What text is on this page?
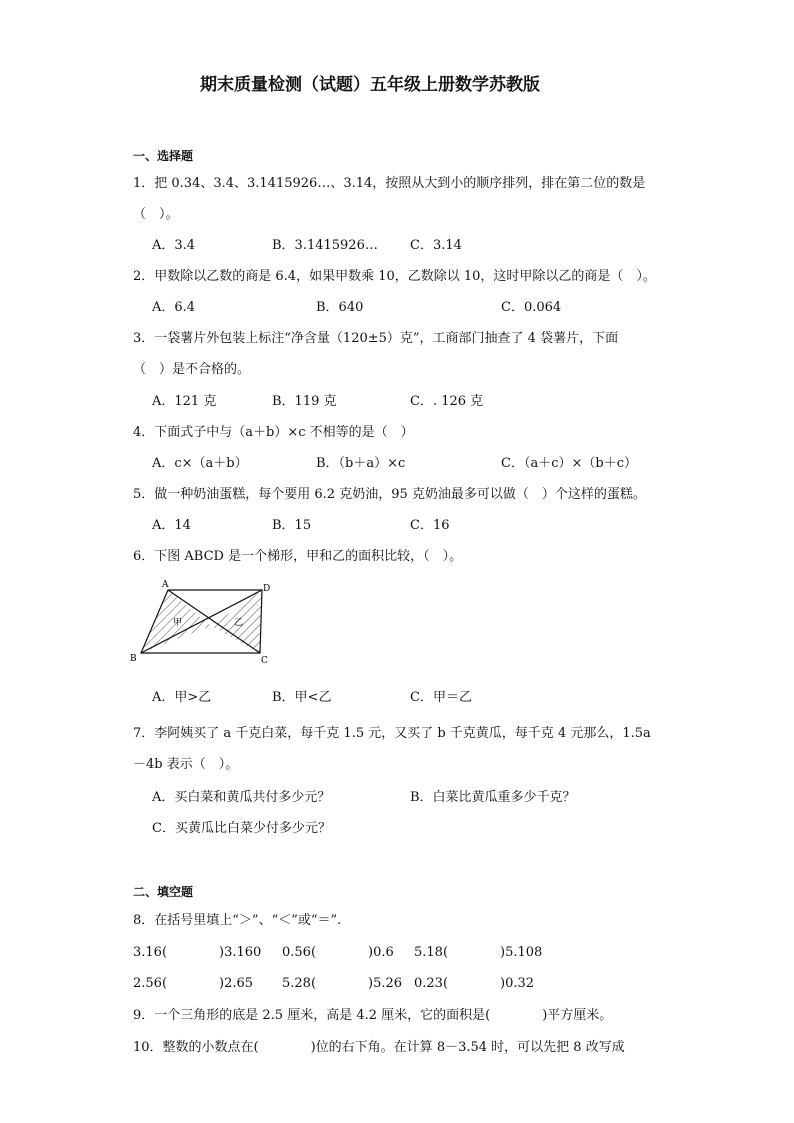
期末质量检测（试题）五年级上册数学苏教版
一、选择题
1．把 0.34、3.4、3.1415926…、3.14，按照从大到小的顺序排列，排在第二位的数是
（　）。
A．3.4	B．3.1415926… C．3.14
2．甲数除以乙数的商是 6.4，如果甲数乘 10，乙数除以 10，这时甲除以乙的商是（　）。
A．6.4	B．640	C．0.064
3．一袋薯片外包装上标注“净含量（120±5）克”，工商部门抽查了 4 袋薯片，下面
（　）是不合格的。
A．121 克	B．119 克	C．. 126 克
4．下面式子中与（a＋b）×c 不相等的是（　）
A．c×（a＋b）	B．（b＋a）×c	C．（a＋c）×（b＋c）
5．做一种奶油蛋糕，每个要用 6.2 克奶油，95 克奶油最多可以做（　）个这样的蛋糕。
A．14	B．15	C．16
6．下图 ABCD 是一个梯形，甲和乙的面积比较，（　）。
A
B	C
D
甲	乙
A．甲>乙	B．甲<乙	C．甲＝乙
7．李阿姨买了 a 千克白菜，每千克 1.5 元，又买了 b 千克黄瓜，每千克 4 元那么，1.5a
－4b 表示（　）。
A．买白菜和黄瓜共付多少元？	B．白菜比黄瓜重多少千克？
C．买黄瓜比白菜少付多少元？
二、填空题
8．在括号里填上“＞”、“＜”或“＝”.
3.16(　　　　)3.160 0.56(　　　　)0.6 5.18(　　　　)5.108
2.56(　　　　)2.65 5.28(　　　　)5.26 0.23(　　　　)0.32
9．一个三角形的底是 2.5 厘米，高是 4.2 厘米，它的面积是(　　　　)平方厘米。
10．整数的小数点在(　　　　)位的右下角。在计算 8－3.54 时，可以先把 8 改写成
